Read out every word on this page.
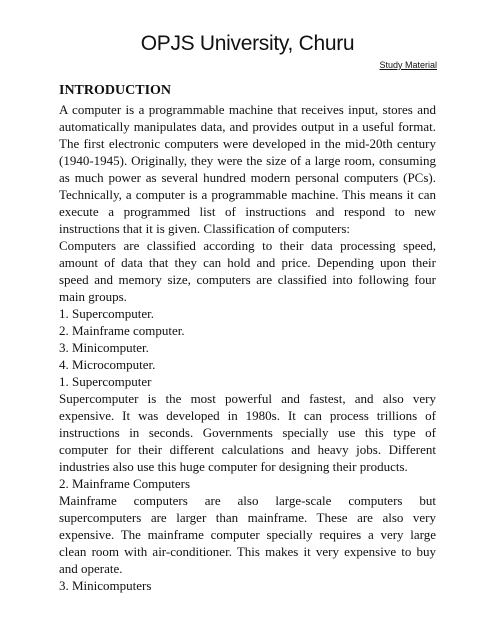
OPJS University, Churu
Study Material
INTRODUCTION

A computer is a programmable machine that receives input, stores and automatically manipulates data, and provides output in a useful format. The first electronic computers were developed in the mid-20th century (1940-1945). Originally, they were the size of a large room, consuming as much power as several hundred modern personal computers (PCs). Technically, a computer is a programmable machine. This means it can execute a programmed list of instructions and respond to new instructions that it is given. Classification of computers:

Computers are classified according to their data processing speed, amount of data that they can hold and price. Depending upon their speed and memory size, computers are classified into following four main groups.

1. Supercomputer.

2. Mainframe computer.

3. Minicomputer.

4. Microcomputer.

1. Supercomputer

Supercomputer is the most powerful and fastest, and also very expensive. It was developed in 1980s. It can process trillions of instructions in seconds. Governments specially use this type of computer for their different calculations and heavy jobs. Different industries also use this huge computer for designing their products.

2. Mainframe Computers

Mainframe computers are also large-scale computers but supercomputers are larger than mainframe. These are also very expensive. The mainframe computer specially requires a very large clean room with air-conditioner. This makes it very expensive to buy and operate.

3. Minicomputers
